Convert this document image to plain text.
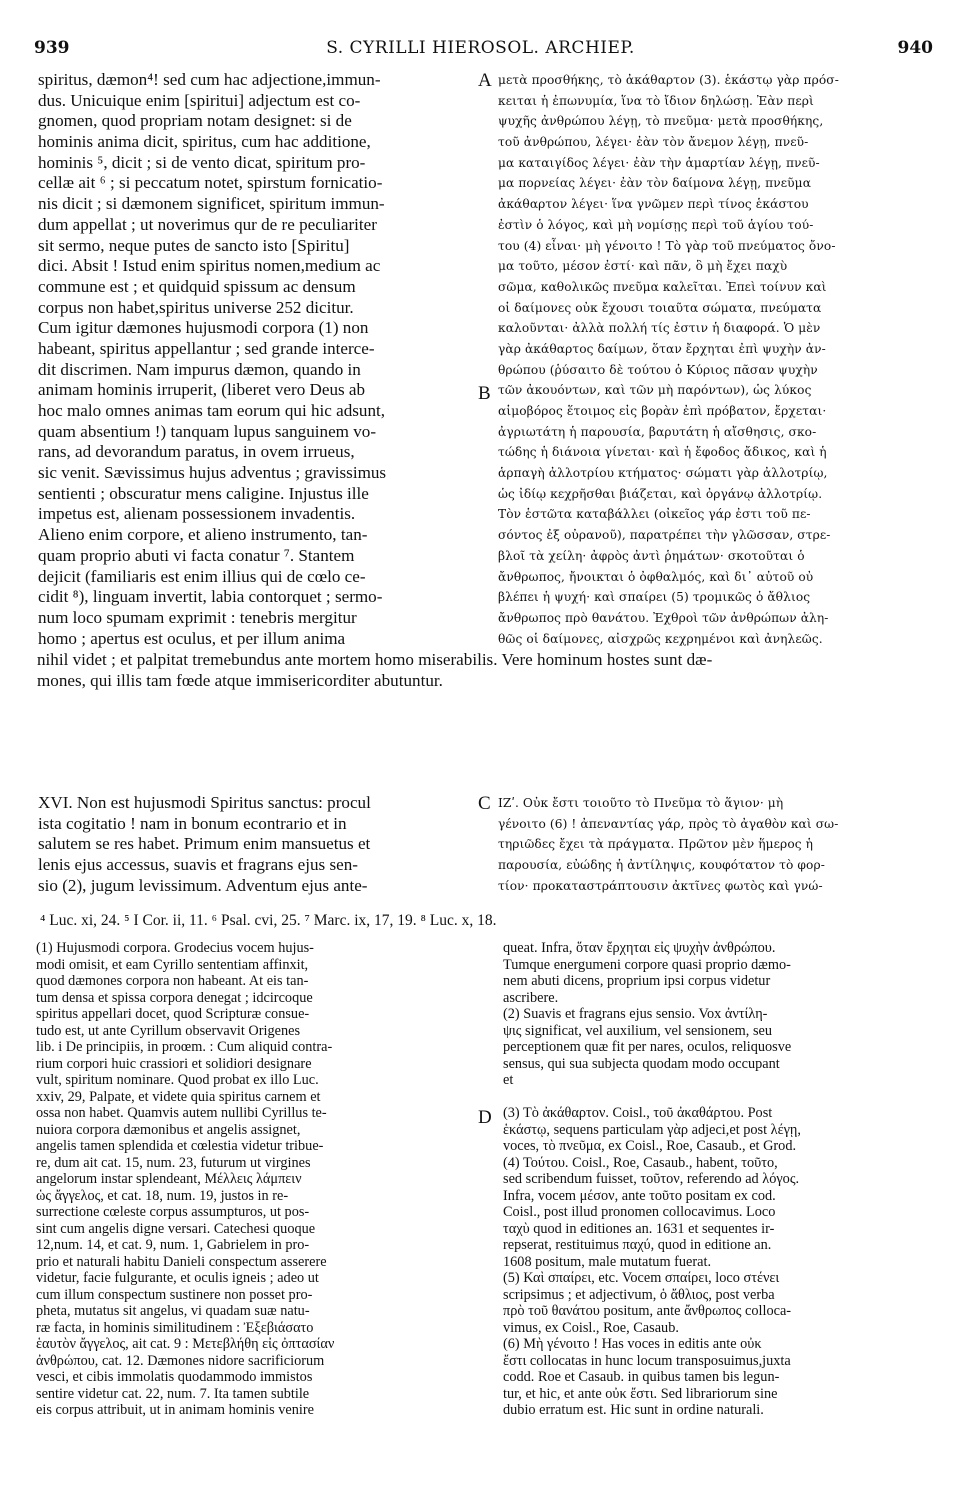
939	S. CYRILLI HIEROSOL. ARCHIEP.	940
spiritus, dæmon⁴! sed cum hac adjectione,immun-
dus. Unicuique enim [spiritui] adjectum est co-
gnomen, quod propriam notam designet: si de
hominis anima dicit, spiritus, cum hac additione,
hominis ⁵, dicit ; si de vento dicat, spiritum pro-
cellæ ait ⁶ ; si peccatum notet, spirstum fornicatio-
nis dicit ; si dæmonem significet, spiritum immun-
dum appellat ; ut noverimus qur de re peculiariter
sit sermo, neque putes de sancto isto [Spiritu]
dici. Absit ! Istud enim spiritus nomen,medium ac
commune est ; et quidquid spissum ac densum
corpus non habet,spiritus universe 252 dicitur.
Cum igitur dæmones hujusmodi corpora (1) non
habeant, spiritus appellantur ; sed grande interce-
dit discrimen. Nam impurus dæmon, quando in
animam hominis irruperit, (liberet vero Deus ab
hoc malo omnes animas tam eorum qui hic adsunt,
quam absentium !) tanquam lupus sanguinem vo-
rans, ad devorandum paratus, in ovem irrueus,
sic venit. Sævissimus hujus adventus ; gravissimus
sentienti ; obscuratur mens caligine. Injustus ille
impetus est, alienam possessionem invadentis.
Alieno enim corpore, et alieno instrumento, tan-
quam proprio abuti vi facta conatur ⁷. Stantem
dejicit (familiaris est enim illius qui de cœlo ce-
cidit ⁸), linguam invertit, labia contorquet ; sermo-
num loco spumam exprimit : tenebris mergitur
homo ; apertus est oculus, et per illum anima
μετὰ προσθήκης, τὸ ἀκάθαρτον (3). ἑκάστῳ γὰρ πρόσ-
κειται ἡ ἐπωνυμία, ἵνα τὸ ἴδιον δηλώσῃ. Ἐὰν περὶ
ψυχῆς ἀνθρώπου λέγῃ, τὸ πνεῦμα· μετὰ προσθήκης,
τοῦ ἀνθρώπου, λέγει· ἐὰν τὸν ἄνεμον λέγῃ, πνεῦ-
μα καταιγίδος λέγει· ἐὰν τὴν ἁμαρτίαν λέγῃ, πνεῦ-
μα πορνείας λέγει· ἐὰν τὸν δαίμονα λέγῃ, πνεῦμα
ἀκάθαρτον λέγει· ἵνα γνῶμεν περὶ τίνος ἑκάστου
ἐστὶν ὁ λόγος, καὶ μὴ νομίσῃς περὶ τοῦ ἁγίου τού-
του (4) εἶναι· μὴ γένοιτο ! Τὸ γὰρ τοῦ πνεύματος ὄνο-
μα τοῦτο, μέσον ἐστί· καὶ πᾶν, ὃ μὴ ἔχει παχὺ
σῶμα, καθολικῶς πνεῦμα καλεῖται. Ἐπεὶ τοίνυν καὶ
οἱ δαίμονες οὐκ ἔχουσι τοιαῦτα σώματα, πνεύματα
καλοῦνται· ἀλλὰ πολλή τίς ἐστιν ἡ διαφορά. Ὁ μὲν
γὰρ ἀκάθαρτος δαίμων, ὅταν ἔρχηται ἐπὶ ψυχὴν ἀν-
θρώπου (ῥύσαιτο δὲ τούτου ὁ Κύριος πᾶσαν ψυχὴν
τῶν ἀκουόντων, καὶ τῶν μὴ παρόντων), ὡς λύκος
αἱμοβόρος ἕτοιμος εἰς βορὰν ἐπὶ πρόβατον, ἔρχεται·
ἀγριωτάτη ἡ παρουσία, βαρυτάτη ἡ αἴσθησις, σκο-
τώδης ἡ διάνοια γίνεται· καὶ ἡ ἔφοδος ἄδικος, καὶ ἡ
ἁρπαγὴ ἀλλοτρίου κτήματος· σώματι γὰρ ἀλλοτρίῳ,
ὡς ἰδίῳ κεχρῆσθαι βιάζεται, καὶ ὀργάνῳ ἀλλοτρίῳ.
Τὸν ἑστῶτα καταβάλλει (οἰκεῖος γάρ ἐστι τοῦ πε-
σόντος ἐξ οὐρανοῦ), παρατρέπει τὴν γλῶσσαν, στρε-
βλοῖ τὰ χείλη· ἀφρὸς ἀντὶ ῥημάτων· σκοτοῦται ὁ
ἄνθρωπος, ἤνοικται ὁ ὀφθαλμός, καὶ δι᾽ αὐτοῦ οὐ
βλέπει ἡ ψυχή· καὶ σπαίρει (5) τρομικῶς ὁ ἄθλιος
ἄνθρωπος πρὸ θανάτου. Ἐχθροὶ τῶν ἀνθρώπων ἀλη-
θῶς οἱ δαίμονες, αἰσχρῶς κεχρημένοι καὶ ἀνηλεῶς.
A
B
C
D
nihil videt ; et palpitat tremebundus ante mortem homo miserabilis. Vere hominum hostes sunt dæ-
mones, qui illis tam fœde atque immisericorditer abutuntur.
XVI. Non est hujusmodi Spiritus sanctus: procul
ista cogitatio ! nam in bonum econtrario et in
salutem se res habet. Primum enim mansuetus et
lenis ejus accessus, suavis et fragrans ejus sen-
sio (2), jugum levissimum. Adventum ejus ante-
ΙΖʹ. Οὐκ ἔστι τοιοῦτο τὸ Πνεῦμα τὸ ἅγιον· μὴ
γένοιτο (6) ! ἀπεναντίας γάρ, πρὸς τὸ ἀγαθὸν καὶ σω-
τηριῶδες ἔχει τὰ πράγματα. Πρῶτον μὲν ἥμερος ἡ
παρουσία, εὐώδης ἡ ἀντίληψις, κουφότατον τὸ φορ-
τίον· προκαταστράπτουσιν ἀκτῖνες φωτὸς καὶ γνώ-
⁴ Luc. xi, 24. ⁵ I Cor. ii, 11. ⁶ Psal. cvi, 25. ⁷ Marc. ix, 17, 19. ⁸ Luc. x, 18.
(1) Hujusmodi corpora. Grodecius vocem hujus-
modi omisit, et eam Cyrillo sententiam affinxit,
quod dæmones corpora non habeant. At eis tan-
tum densa et spissa corpora denegat ; idcircoque
spiritus appellari docet, quod Scripturæ consue-
tudo est, ut ante Cyrillum observavit Origenes
lib. i De principiis, in proœm. : Cum aliquid contra-
rium corpori huic crassiori et solidiori designare
vult, spiritum nominare. Quod probat ex illo Luc.
xxiv, 29, Palpate, et videte quia spiritus carnem et
ossa non habet. Quamvis autem nullibi Cyrillus te-
nuiora corpora dæmonibus et angelis assignet,
angelis tamen splendida et cœlestia videtur tribue-
re, dum ait cat. 15, num. 23, futurum ut virgines
angelorum instar splendeant, Μέλλεις λάμπειν
ὡς ἄγγελος, et cat. 18, num. 19, justos in re-
surrectione cœleste corpus assumpturos, ut pos-
sint cum angelis digne versari. Catechesi quoque
12,num. 14, et cat. 9, num. 1, Gabrielem in pro-
prio et naturali habitu Danieli conspectum asserere
videtur, facie fulgurante, et oculis igneis ; adeo ut
cum illum conspectum sustinere non posset pro-
pheta, mutatus sit angelus, vi quadam suæ natu-
ræ facta, in hominis similitudinem : Ἐξεβιάσατο
ἑαυτὸν ἄγγελος, ait cat. 9 : Μετεβλήθη εἰς ὀπτασίαν
ἀνθρώπου, cat. 12. Dæmones nidore sacrificiorum
vesci, et cibis immolatis quodammodo immistos
sentire videtur cat. 22, num. 7. Ita tamen subtile
eis corpus attribuit, ut in animam hominis venire
queat. Infra, ὅταν ἔρχηται εἰς ψυχὴν ἀνθρώπου.
Tumque energumeni corpore quasi proprio dæmo-
nem abuti dicens, proprium ipsi corpus videtur
ascribere.
(2) Suavis et fragrans ejus sensio. Vox ἀντίλη-
ψις significat, vel auxilium, vel sensionem, seu
perceptionem quæ fit per nares, oculos, reliquosve
sensus, qui sua subjecta quodam modo occupant
et
(3) Τὸ ἀκάθαρτον. Coisl., τοῦ ἀκαθάρτου. Post
ἑκάστῳ, sequens particulam γὰρ adjeci,et post λέγῃ,
voces, τὸ πνεῦμα, ex Coisl., Roe, Casaub., et Grod.
(4) Τούτου. Coisl., Roe, Casaub., habent, τοῦτο,
sed scribendum fuisset, τοῦτον, referendo ad λόγος.
Infra, vocem μέσον, ante τοῦτο positam ex cod.
Coisl., post illud pronomen collocavimus. Loco
ταχὺ quod in editiones an. 1631 et sequentes ir-
repserat, restituimus παχύ, quod in editione an.
1608 positum, male mutatum fuerat.
(5) Καὶ σπαίρει, etc. Vocem σπαίρει, loco στένει
scripsimus ; et adjectivum, ὁ ἄθλιος, post verba
πρὸ τοῦ θανάτου positum, ante ἄνθρωπος colloca-
vimus, ex Coisl., Roe, Casaub.
(6) Μὴ γένοιτο ! Has voces in editis ante οὐκ
ἔστι collocatas in hunc locum transposuimus,juxta
codd. Roe et Casaub. in quibus tamen bis legun-
tur, et hic, et ante οὐκ ἔστι. Sed librariorum sine
dubio erratum est. Hic sunt in ordine naturali.
